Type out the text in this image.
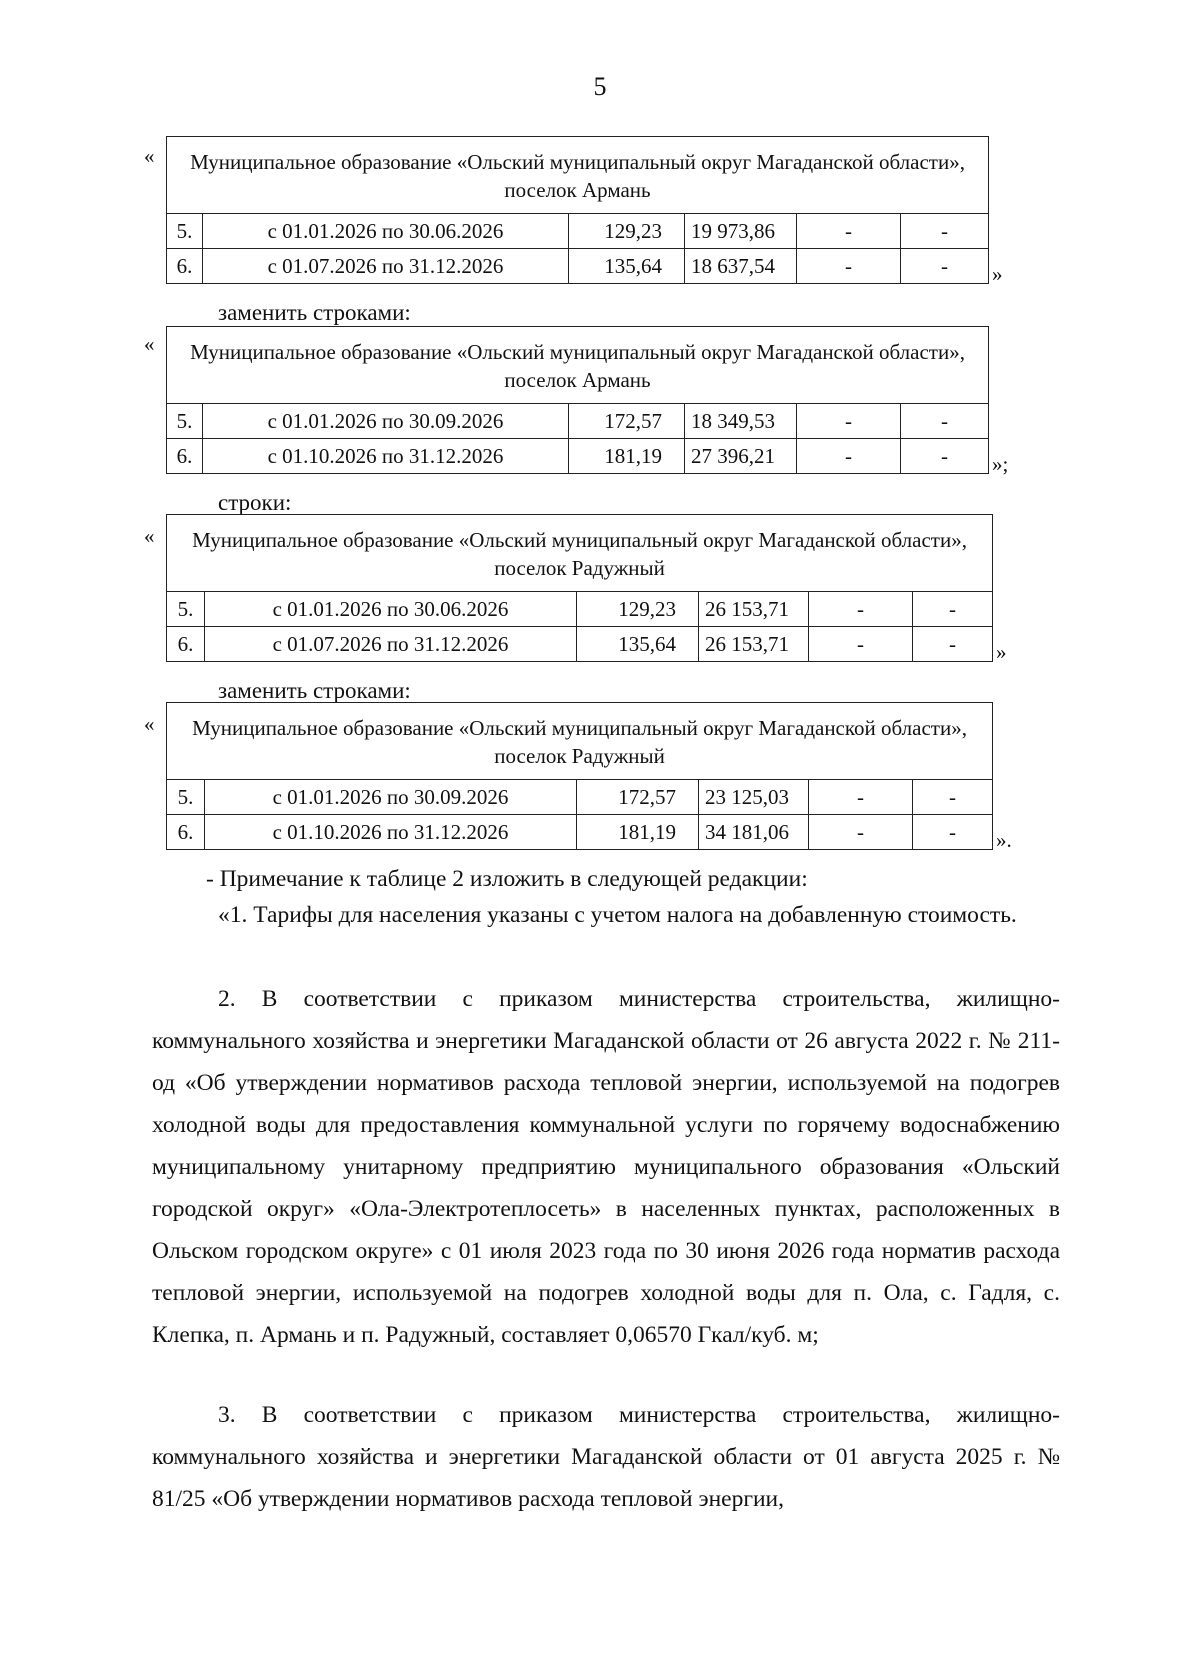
5
« Муниципальное образование «Ольский муниципальный округ Магаданской области», поселок Армань					
5.	с 01.01.2026 по 30.06.2026	129,23	19 973,86	-	-
6.	с 01.07.2026 по 31.12.2026	135,64	18 637,54	-	- »
заменить строками:
« Муниципальное образование «Ольский муниципальный округ Магаданской области», поселок Армань					
5.	с 01.01.2026 по 30.09.2026	172,57	18 349,53	-	-
6.	с 01.10.2026 по 31.12.2026	181,19	27 396,21	-	- »;
строки:
« Муниципальное образование «Ольский муниципальный округ Магаданской области», поселок Радужный					
5.	с 01.01.2026 по 30.06.2026	129,23	26 153,71	-	-
6.	с 01.07.2026 по 31.12.2026	135,64	26 153,71	-	- »
заменить строками:
« Муниципальное образование «Ольский муниципальный округ Магаданской области», поселок Радужный					
5.	с 01.01.2026 по 30.09.2026	172,57	23 125,03	-	-
6.	с 01.10.2026 по 31.12.2026	181,19	34 181,06	-	- ».
- Примечание к таблице 2 изложить в следующей редакции:
«1. Тарифы для населения указаны с учетом налога на добавленную стоимость.
2. В соответствии с приказом министерства строительства, жилищно-коммунального хозяйства и энергетики Магаданской области от 26 августа 2022 г. № 211-од «Об утверждении нормативов расхода тепловой энергии, используемой на подогрев холодной воды для предоставления коммунальной услуги по горячему водоснабжению муниципальному унитарному предприятию муниципального образования «Ольский городской округ» «Ола-Электротеплосеть» в населенных пунктах, расположенных в Ольском городском округе» с 01 июля 2023 года по 30 июня 2026 года норматив расхода тепловой энергии, используемой на подогрев холодной воды для п. Ола, с. Гадля, с. Клепка, п. Армань и п. Радужный, составляет 0,06570 Гкал/куб. м;
3. В соответствии с приказом министерства строительства, жилищно-коммунального хозяйства и энергетики Магаданской области от 01 августа 2025 г. № 81/25 «Об утверждении нормативов расхода тепловой энергии,
